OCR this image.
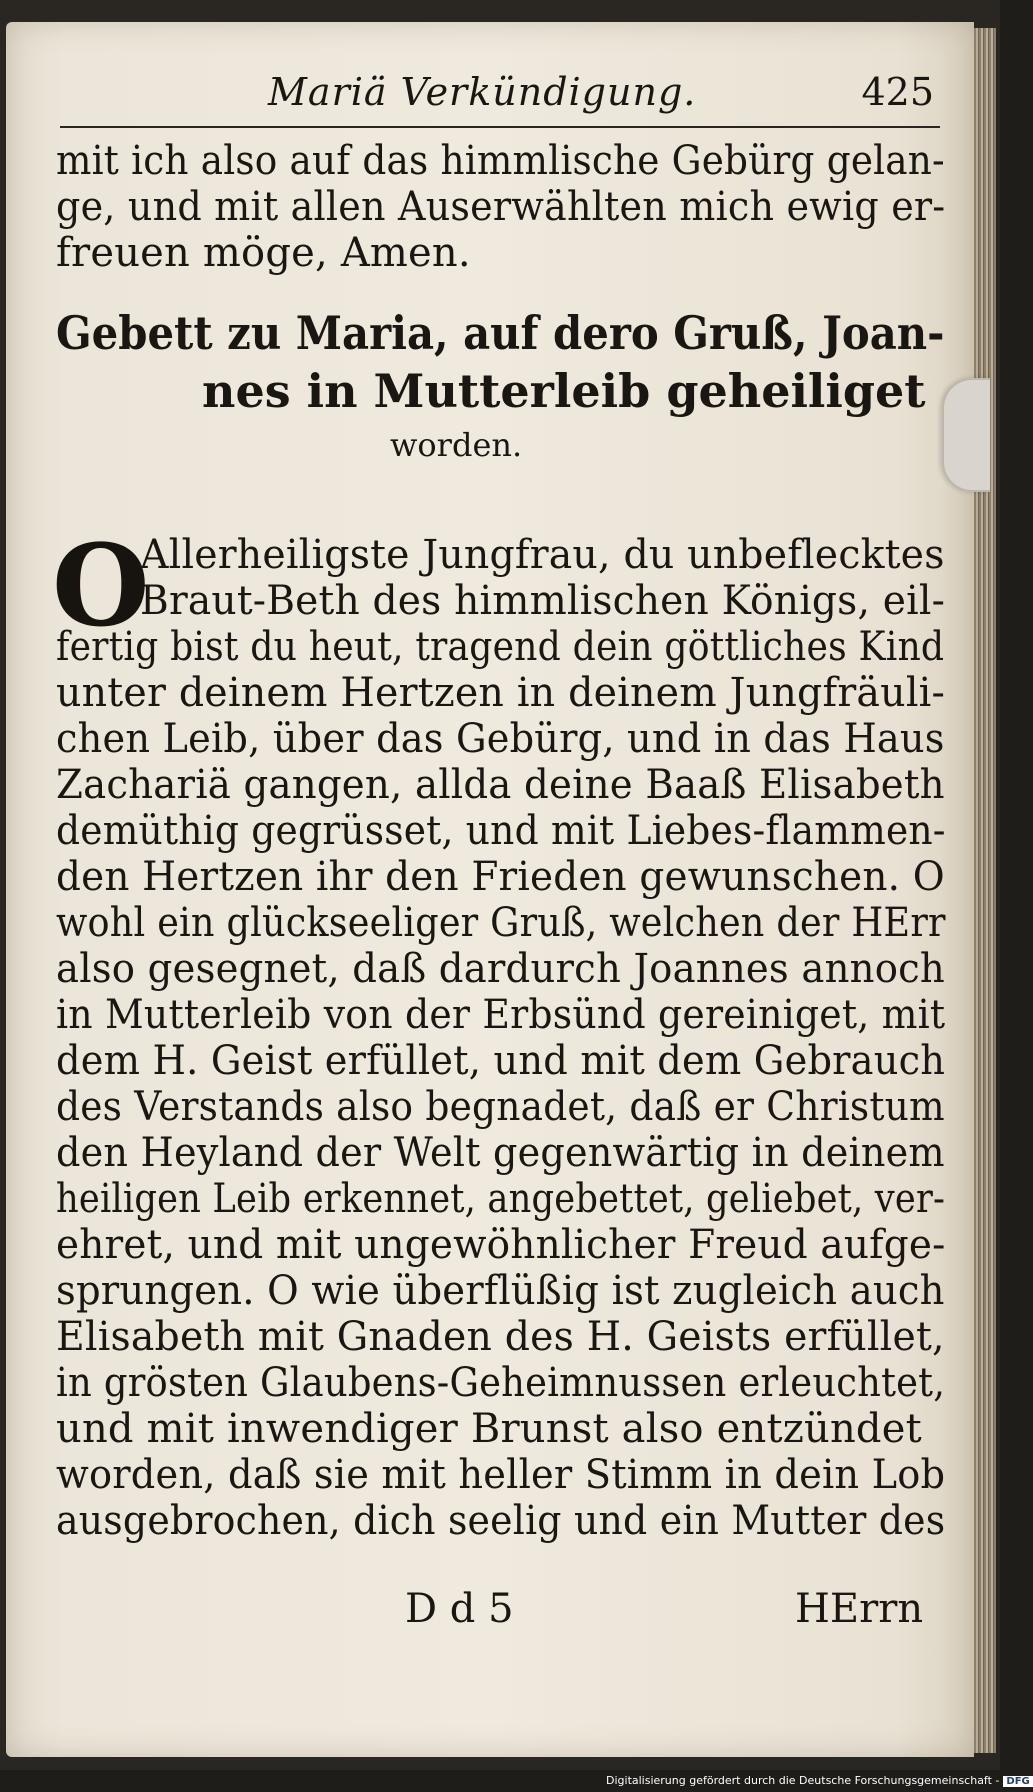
Mariä Verkündigung.	425
mit ich also auf das himmlische Gebürg gelan-
ge, und mit allen Auserwählten mich ewig er-
freuen möge, Amen.
Gebett zu Maria, auf dero Gruß, Joan-
nes in Mutterleib geheiliget
worden.
O
Allerheiligste Jungfrau, du unbeflecktes
Braut-Beth des himmlischen Königs, eil-
fertig bist du heut, tragend dein göttliches Kind
unter deinem Hertzen in deinem Jungfräuli-
chen Leib, über das Gebürg, und in das Haus
Zachariä gangen, allda deine Baaß Elisabeth
demüthig gegrüsset, und mit Liebes-flammen-
den Hertzen ihr den Frieden gewunschen. O
wohl ein glückseeliger Gruß, welchen der HErr
also gesegnet, daß dardurch Joannes annoch
in Mutterleib von der Erbsünd gereiniget, mit
dem H. Geist erfüllet, und mit dem Gebrauch
des Verstands also begnadet, daß er Christum
den Heyland der Welt gegenwärtig in deinem
heiligen Leib erkennet, angebettet, geliebet, ver-
ehret, und mit ungewöhnlicher Freud aufge-
sprungen. O wie überflüßig ist zugleich auch
Elisabeth mit Gnaden des H. Geists erfüllet,
in grösten Glaubens-Geheimnussen erleuchtet,
und mit inwendiger Brunst also entzündet
worden, daß sie mit heller Stimm in dein Lob
ausgebrochen, dich seelig und ein Mutter des
D d 5	HErrn
Digitalisierung gefördert durch die Deutsche Forschungsgemeinschaft - DFG
